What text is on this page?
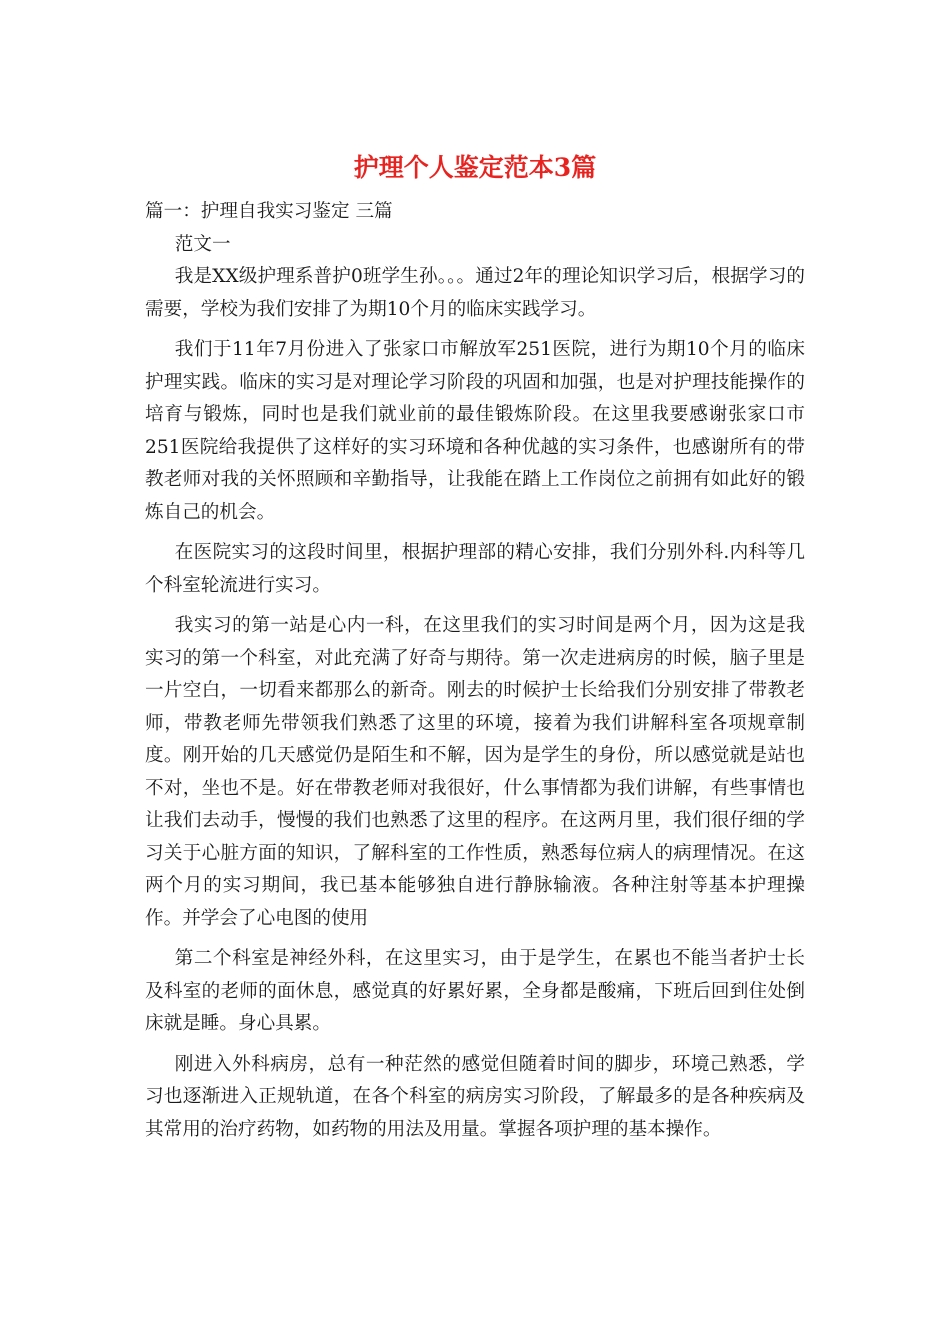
护理个人鉴定范本3篇

篇一：护理自我实习鉴定 三篇

范文一

我是XX级护理系普护0班学生孙。。。通过2年的理论知识学习后，根据学习的需要，学校为我们安排了为期10个月的临床实践学习。

我们于11年7月份进入了张家口市解放军251医院，进行为期10个月的临床护理实践。临床的实习是对理论学习阶段的巩固和加强，也是对护理技能操作的培育与锻炼，同时也是我们就业前的最佳锻炼阶段。在这里我要感谢张家口市251医院给我提供了这样好的实习环境和各种优越的实习条件，也感谢所有的带教老师对我的关怀照顾和辛勤指导，让我能在踏上工作岗位之前拥有如此好的锻炼自己的机会。

在医院实习的这段时间里，根据护理部的精心安排，我们分别外科.内科等几个科室轮流进行实习。

我实习的第一站是心内一科，在这里我们的实习时间是两个月，因为这是我实习的第一个科室，对此充满了好奇与期待。第一次走进病房的时候，脑子里是一片空白，一切看来都那么的新奇。刚去的时候护士长给我们分别安排了带教老师，带教老师先带领我们熟悉了这里的环境，接着为我们讲解科室各项规章制度。刚开始的几天感觉仍是陌生和不解，因为是学生的身份，所以感觉就是站也不对，坐也不是。好在带教老师对我很好，什么事情都为我们讲解，有些事情也让我们去动手，慢慢的我们也熟悉了这里的程序。在这两月里，我们很仔细的学习关于心脏方面的知识，了解科室的工作性质，熟悉每位病人的病理情况。在这两个月的实习期间，我已基本能够独自进行静脉输液。各种注射等基本护理操作。并学会了心电图的使用

第二个科室是神经外科，在这里实习，由于是学生，在累也不能当者护士长及科室的老师的面休息，感觉真的好累好累，全身都是酸痛，下班后回到住处倒床就是睡。身心具累。

刚进入外科病房，总有一种茫然的感觉但随着时间的脚步，环境己熟悉，学习也逐渐进入正规轨道，在各个科室的病房实习阶段，了解最多的是各种疾病及其常用的治疗药物，如药物的用法及用量。掌握各项护理的基本操作。
